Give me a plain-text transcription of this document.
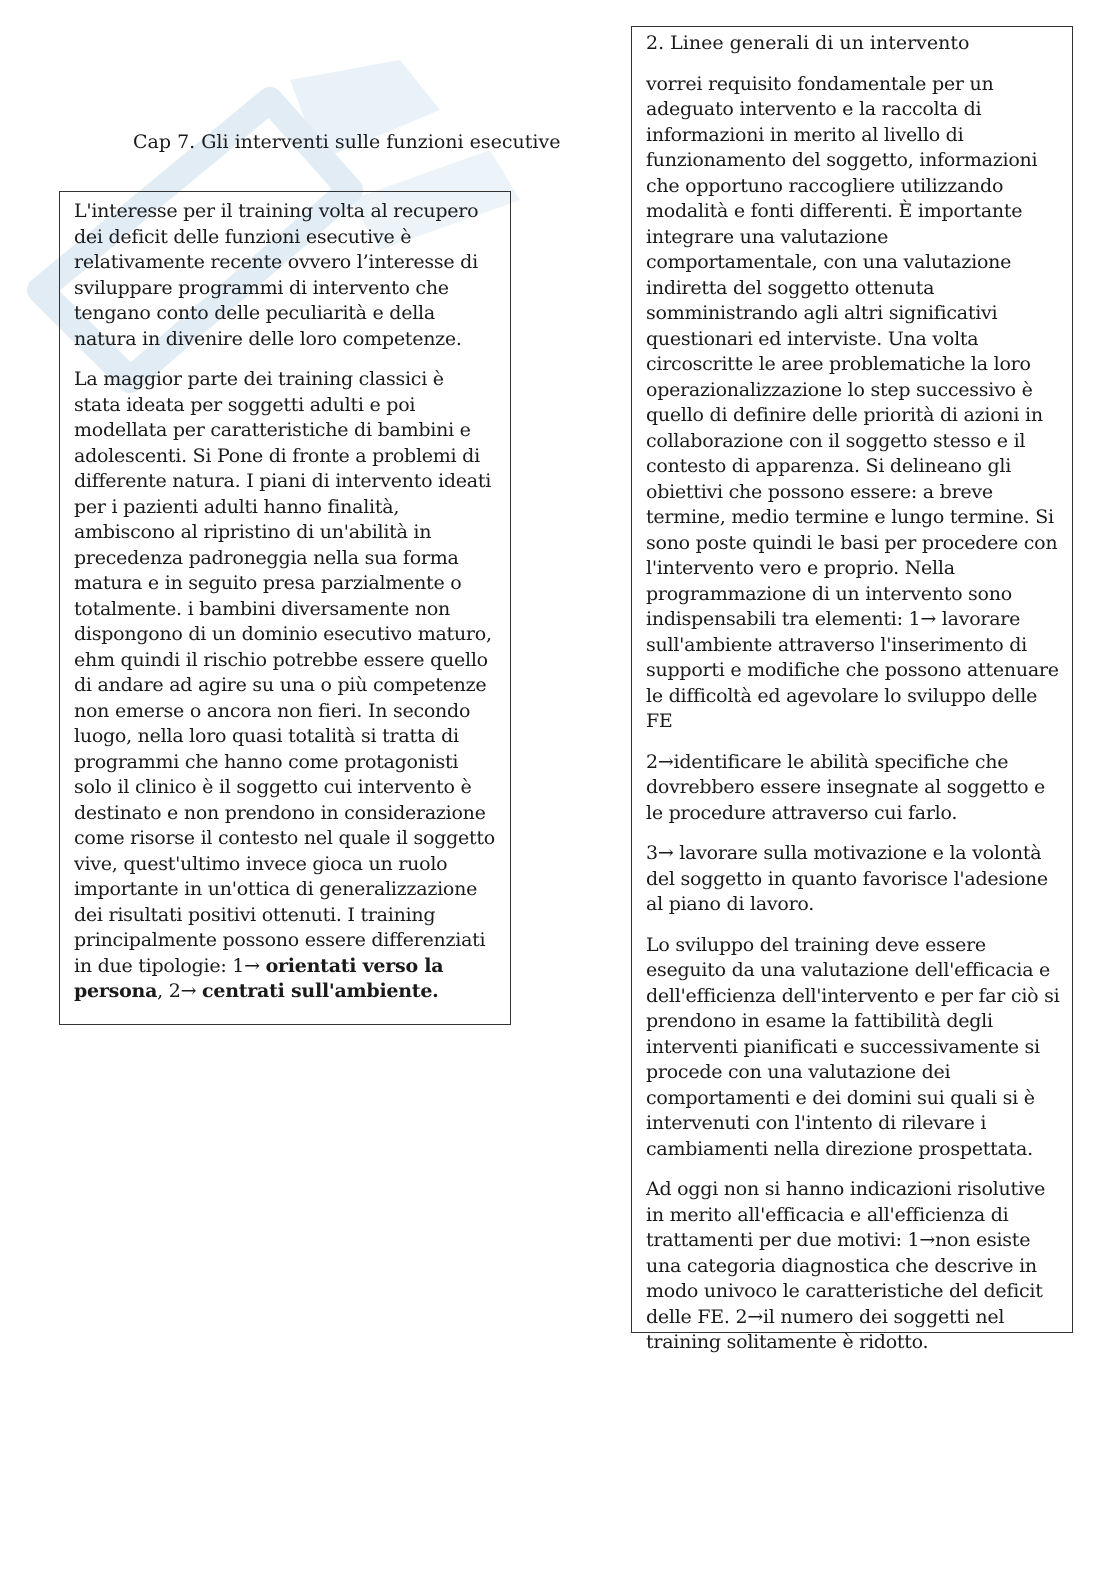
Cap 7. Gli interventi sulle funzioni esecutive

L'interesse per il training volta al recupero dei deficit delle funzioni esecutive è relativamente recente ovvero l’interesse di sviluppare programmi di intervento che tengano conto delle peculiarità e della natura in divenire delle loro competenze.

La maggior parte dei training classici è stata ideata per soggetti adulti e poi modellata per caratteristiche di bambini e adolescenti. Si Pone di fronte a problemi di differente natura. I piani di intervento ideati per i pazienti adulti hanno finalità, ambiscono al ripristino di un'abilità in precedenza padroneggia nella sua forma matura e in seguito presa parzialmente o totalmente. i bambini diversamente non dispongono di un dominio esecutivo maturo, ehm quindi il rischio potrebbe essere quello di andare ad agire su una o più competenze non emerse o ancora non fieri. In secondo luogo, nella loro quasi totalità si tratta di programmi che hanno come protagonisti solo il clinico è il soggetto cui intervento è destinato e non prendono in considerazione come risorse il contesto nel quale il soggetto vive, quest'ultimo invece gioca un ruolo importante in un'ottica di generalizzazione dei risultati positivi ottenuti. I training principalmente possono essere differenziati in due tipologie: 1→ orientati verso la persona, 2→ centrati sull'ambiente.

2. Linee generali di un intervento

vorrei requisito fondamentale per un adeguato intervento e la raccolta di informazioni in merito al livello di funzionamento del soggetto, informazioni che opportuno raccogliere utilizzando modalità e fonti differenti. È importante integrare una valutazione comportamentale, con una valutazione indiretta del soggetto ottenuta somministrando agli altri significativi questionari ed interviste. Una volta circoscritte le aree problematiche la loro operazionalizzazione lo step successivo è quello di definire delle priorità di azioni in collaborazione con il soggetto stesso e il contesto di apparenza. Si delineano gli obiettivi che possono essere: a breve termine, medio termine e lungo termine. Si sono poste quindi le basi per procedere con l'intervento vero e proprio. Nella programmazione di un intervento sono indispensabili tra elementi: 1→ lavorare sull'ambiente attraverso l'inserimento di supporti e modifiche che possono attenuare le difficoltà ed agevolare lo sviluppo delle FE

2→identificare le abilità specifiche che dovrebbero essere insegnate al soggetto e le procedure attraverso cui farlo.

3→ lavorare sulla motivazione e la volontà del soggetto in quanto favorisce l'adesione al piano di lavoro.

Lo sviluppo del training deve essere eseguito da una valutazione dell'efficacia e dell'efficienza dell'intervento e per far ciò si prendono in esame la fattibilità degli interventi pianificati e successivamente si procede con una valutazione dei comportamenti e dei domini sui quali si è intervenuti con l'intento di rilevare i cambiamenti nella direzione prospettata.

Ad oggi non si hanno indicazioni risolutive in merito all'efficacia e all'efficienza di trattamenti per due motivi: 1→non esiste una categoria diagnostica che descrive in modo univoco le caratteristiche del deficit delle FE. 2→il numero dei soggetti nel training solitamente è ridotto.
